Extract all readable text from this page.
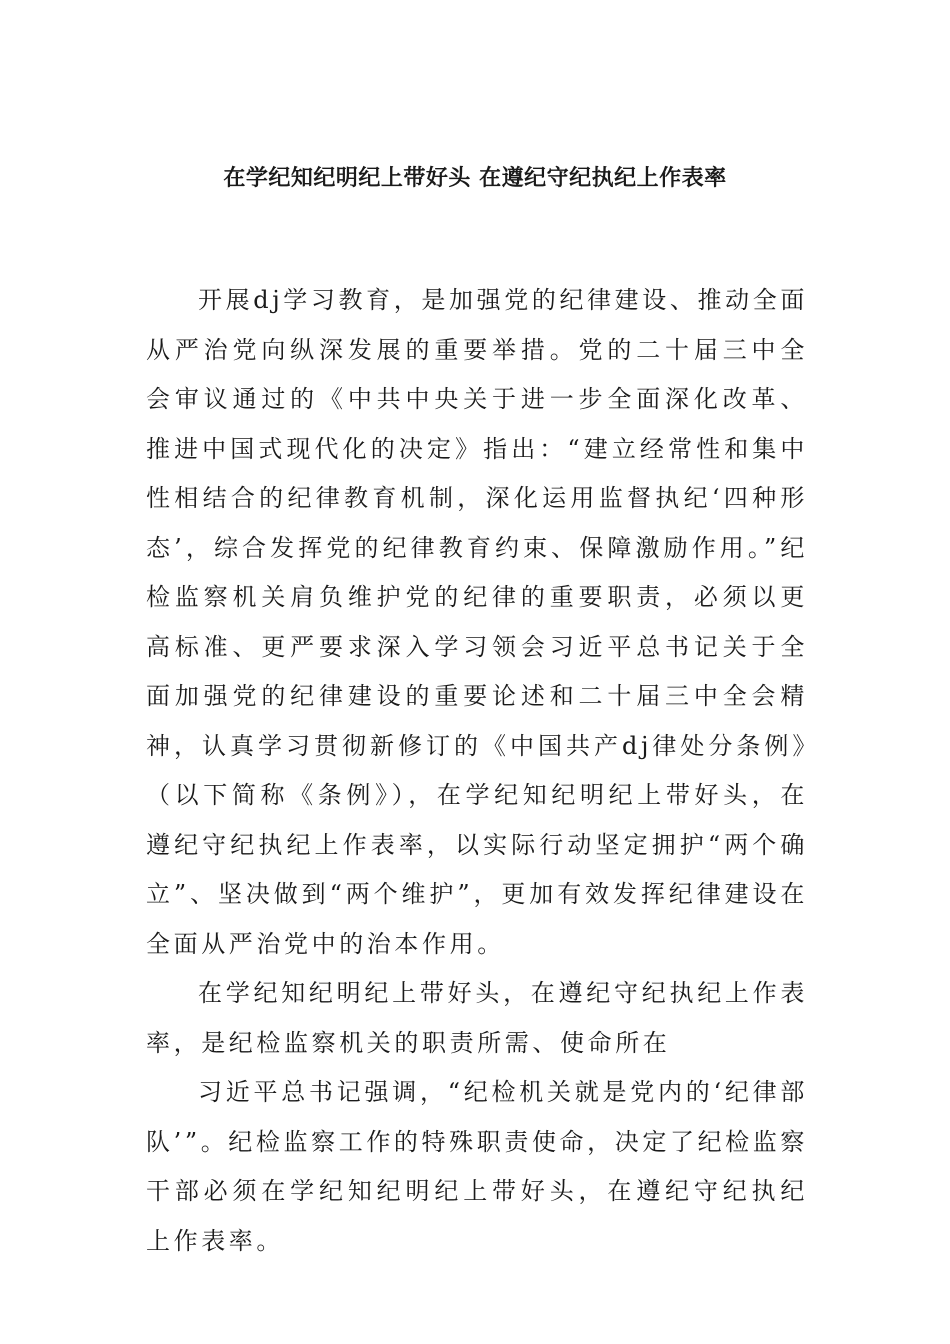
在学纪知纪明纪上带好头 在遵纪守纪执纪上作表率

开展dj学习教育，是加强党的纪律建设、推动全面从严治党向纵深发展的重要举措。党的二十届三中全会审议通过的《中共中央关于进一步全面深化改革、推进中国式现代化的决定》指出：“建立经常性和集中性相结合的纪律教育机制，深化运用监督执纪‘四种形态’，综合发挥党的纪律教育约束、保障激励作用。”纪检监察机关肩负维护党的纪律的重要职责，必须以更高标准、更严要求深入学习领会习近平总书记关于全面加强党的纪律建设的重要论述和二十届三中全会精神，认真学习贯彻新修订的《中国共产dj律处分条例》（以下简称《条例》），在学纪知纪明纪上带好头，在遵纪守纪执纪上作表率，以实际行动坚定拥护“两个确立”、坚决做到“两个维护”，更加有效发挥纪律建设在全面从严治党中的治本作用。

在学纪知纪明纪上带好头，在遵纪守纪执纪上作表率，是纪检监察机关的职责所需、使命所在

习近平总书记强调，“纪检机关就是党内的‘纪律部队’”。纪检监察工作的特殊职责使命，决定了纪检监察干部必须在学纪知纪明纪上带好头，在遵纪守纪执纪上作表率。
